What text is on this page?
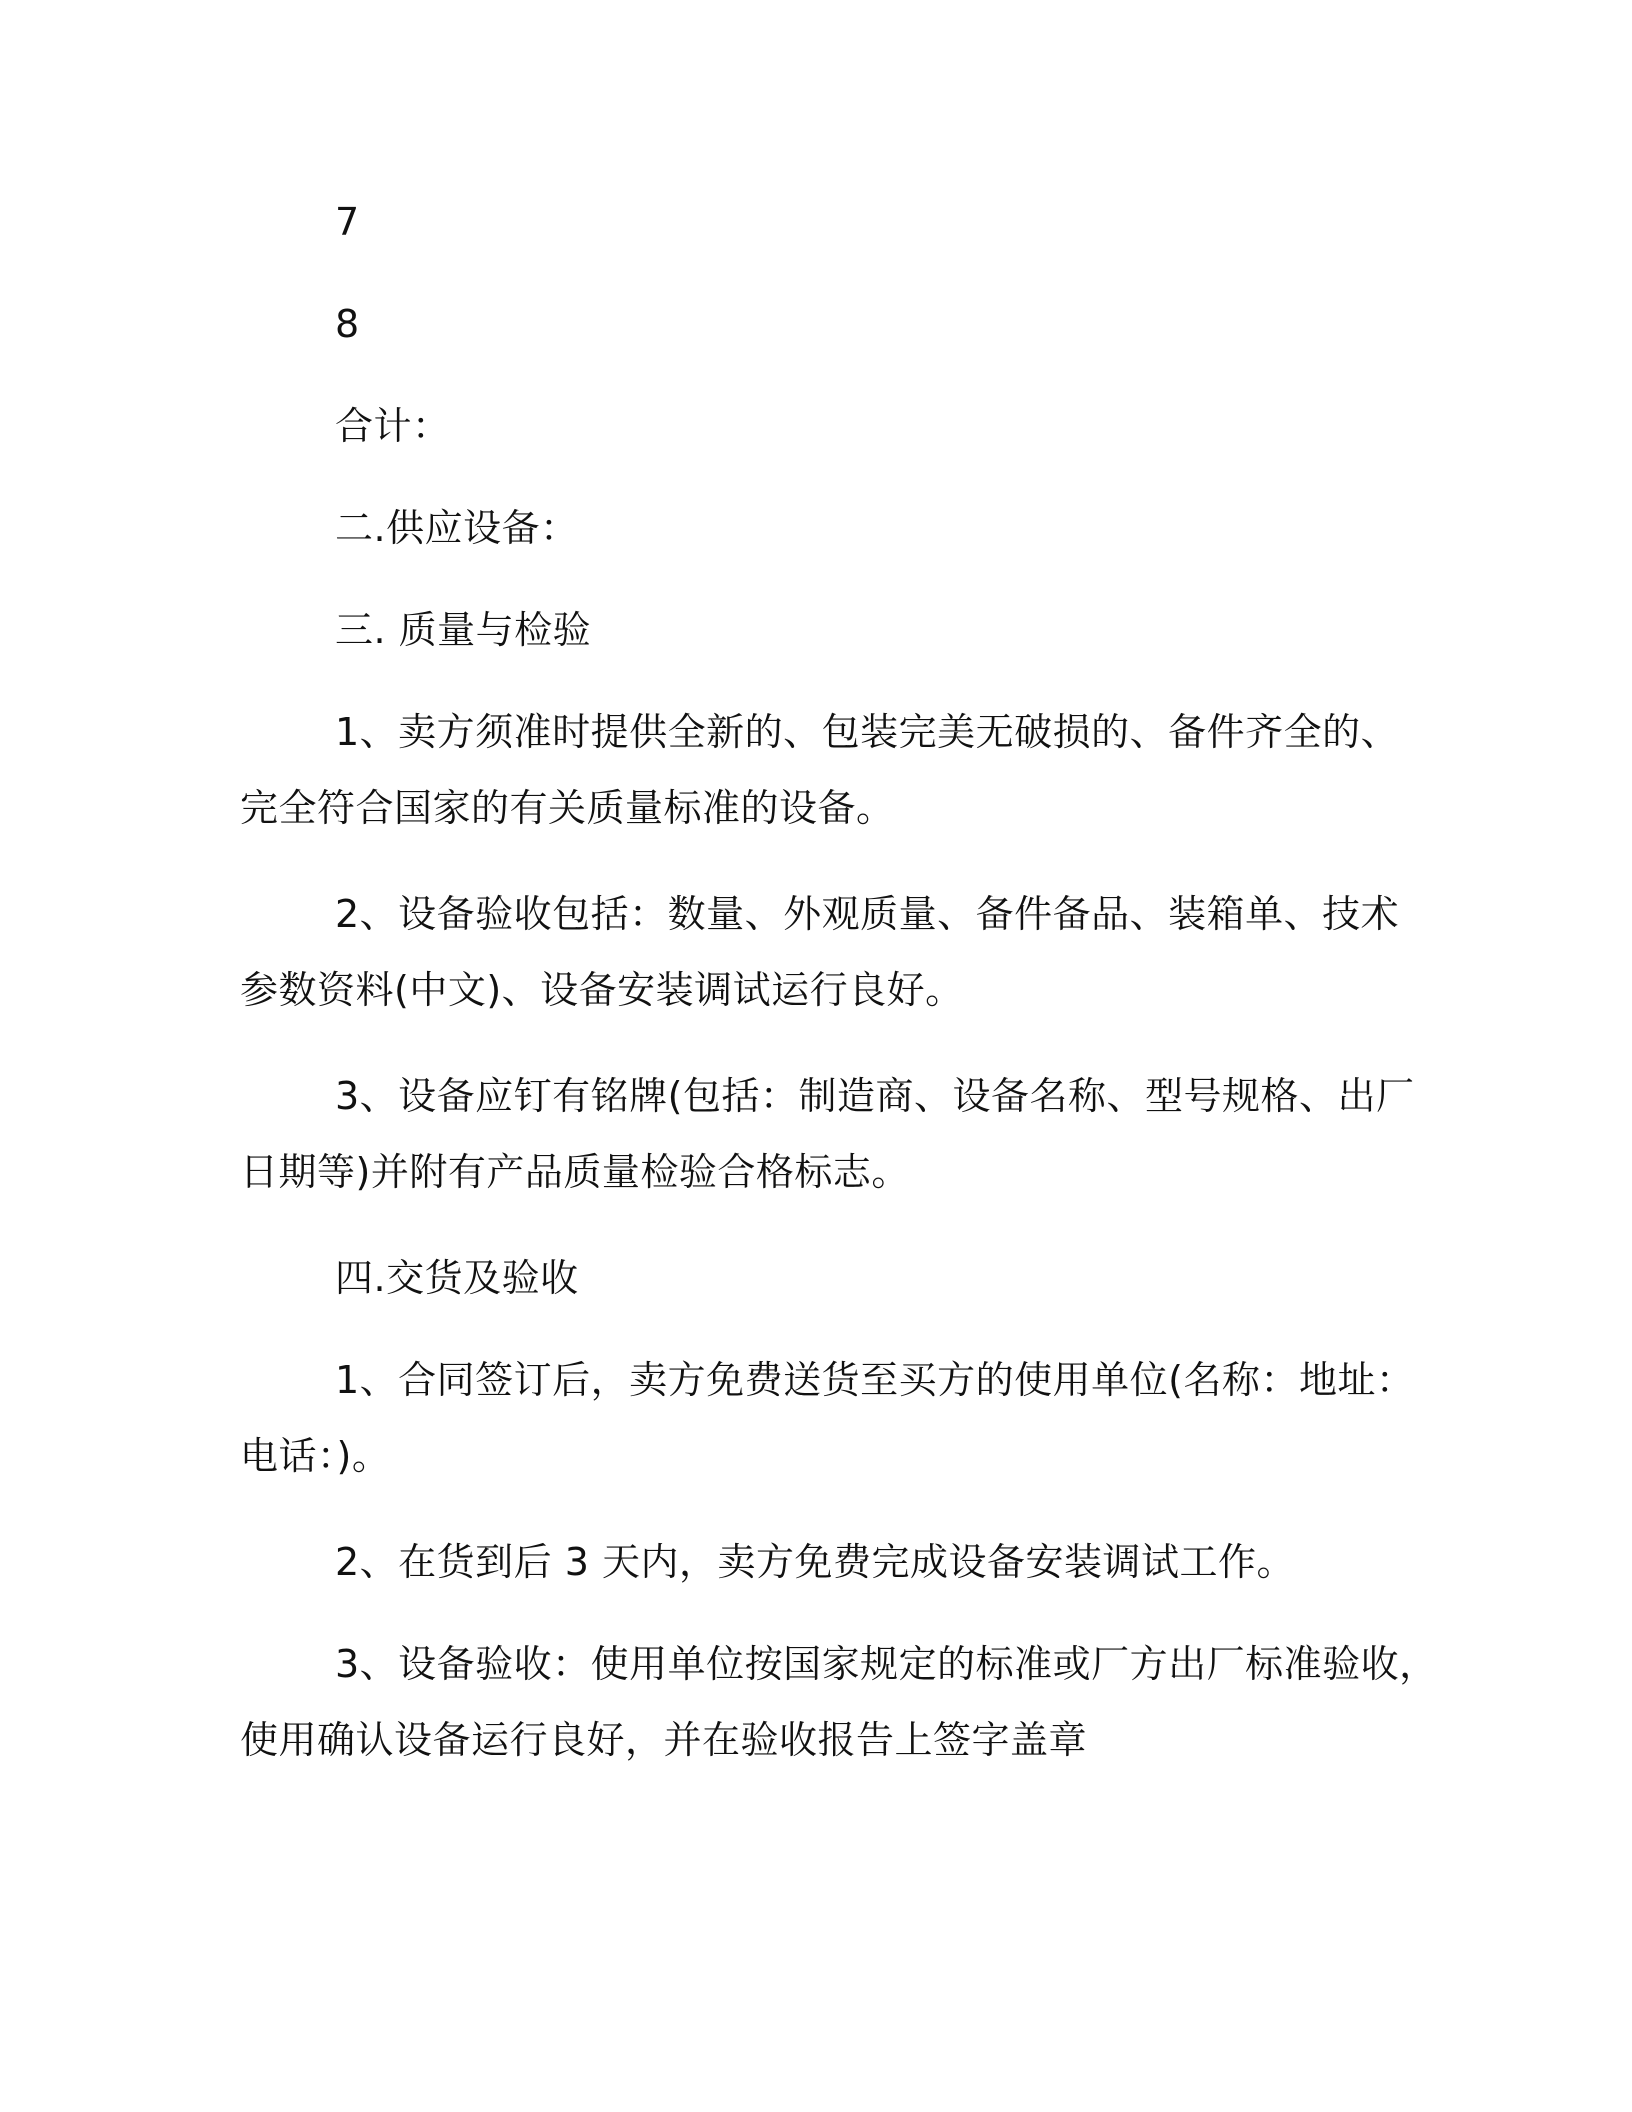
7
8
合计：
二.供应设备：
三. 质量与检验
1、卖方须准时提供全新的、包装完美无破损的、备件齐全的、
完全符合国家的有关质量标准的设备。
2、设备验收包括：数量、外观质量、备件备品、装箱单、技术
参数资料(中文)、设备安装调试运行良好。
3、设备应钉有铭牌(包括：制造商、设备名称、型号规格、出厂
日期等)并附有产品质量检验合格标志。
四.交货及验收
1、合同签订后，卖方免费送货至买方的使用单位(名称：地址：
电话：)。
2、在货到后 3 天内，卖方免费完成设备安装调试工作。
3、设备验收：使用单位按国家规定的标准或厂方出厂标准验收，
使用确认设备运行良好，并在验收报告上签字盖章
